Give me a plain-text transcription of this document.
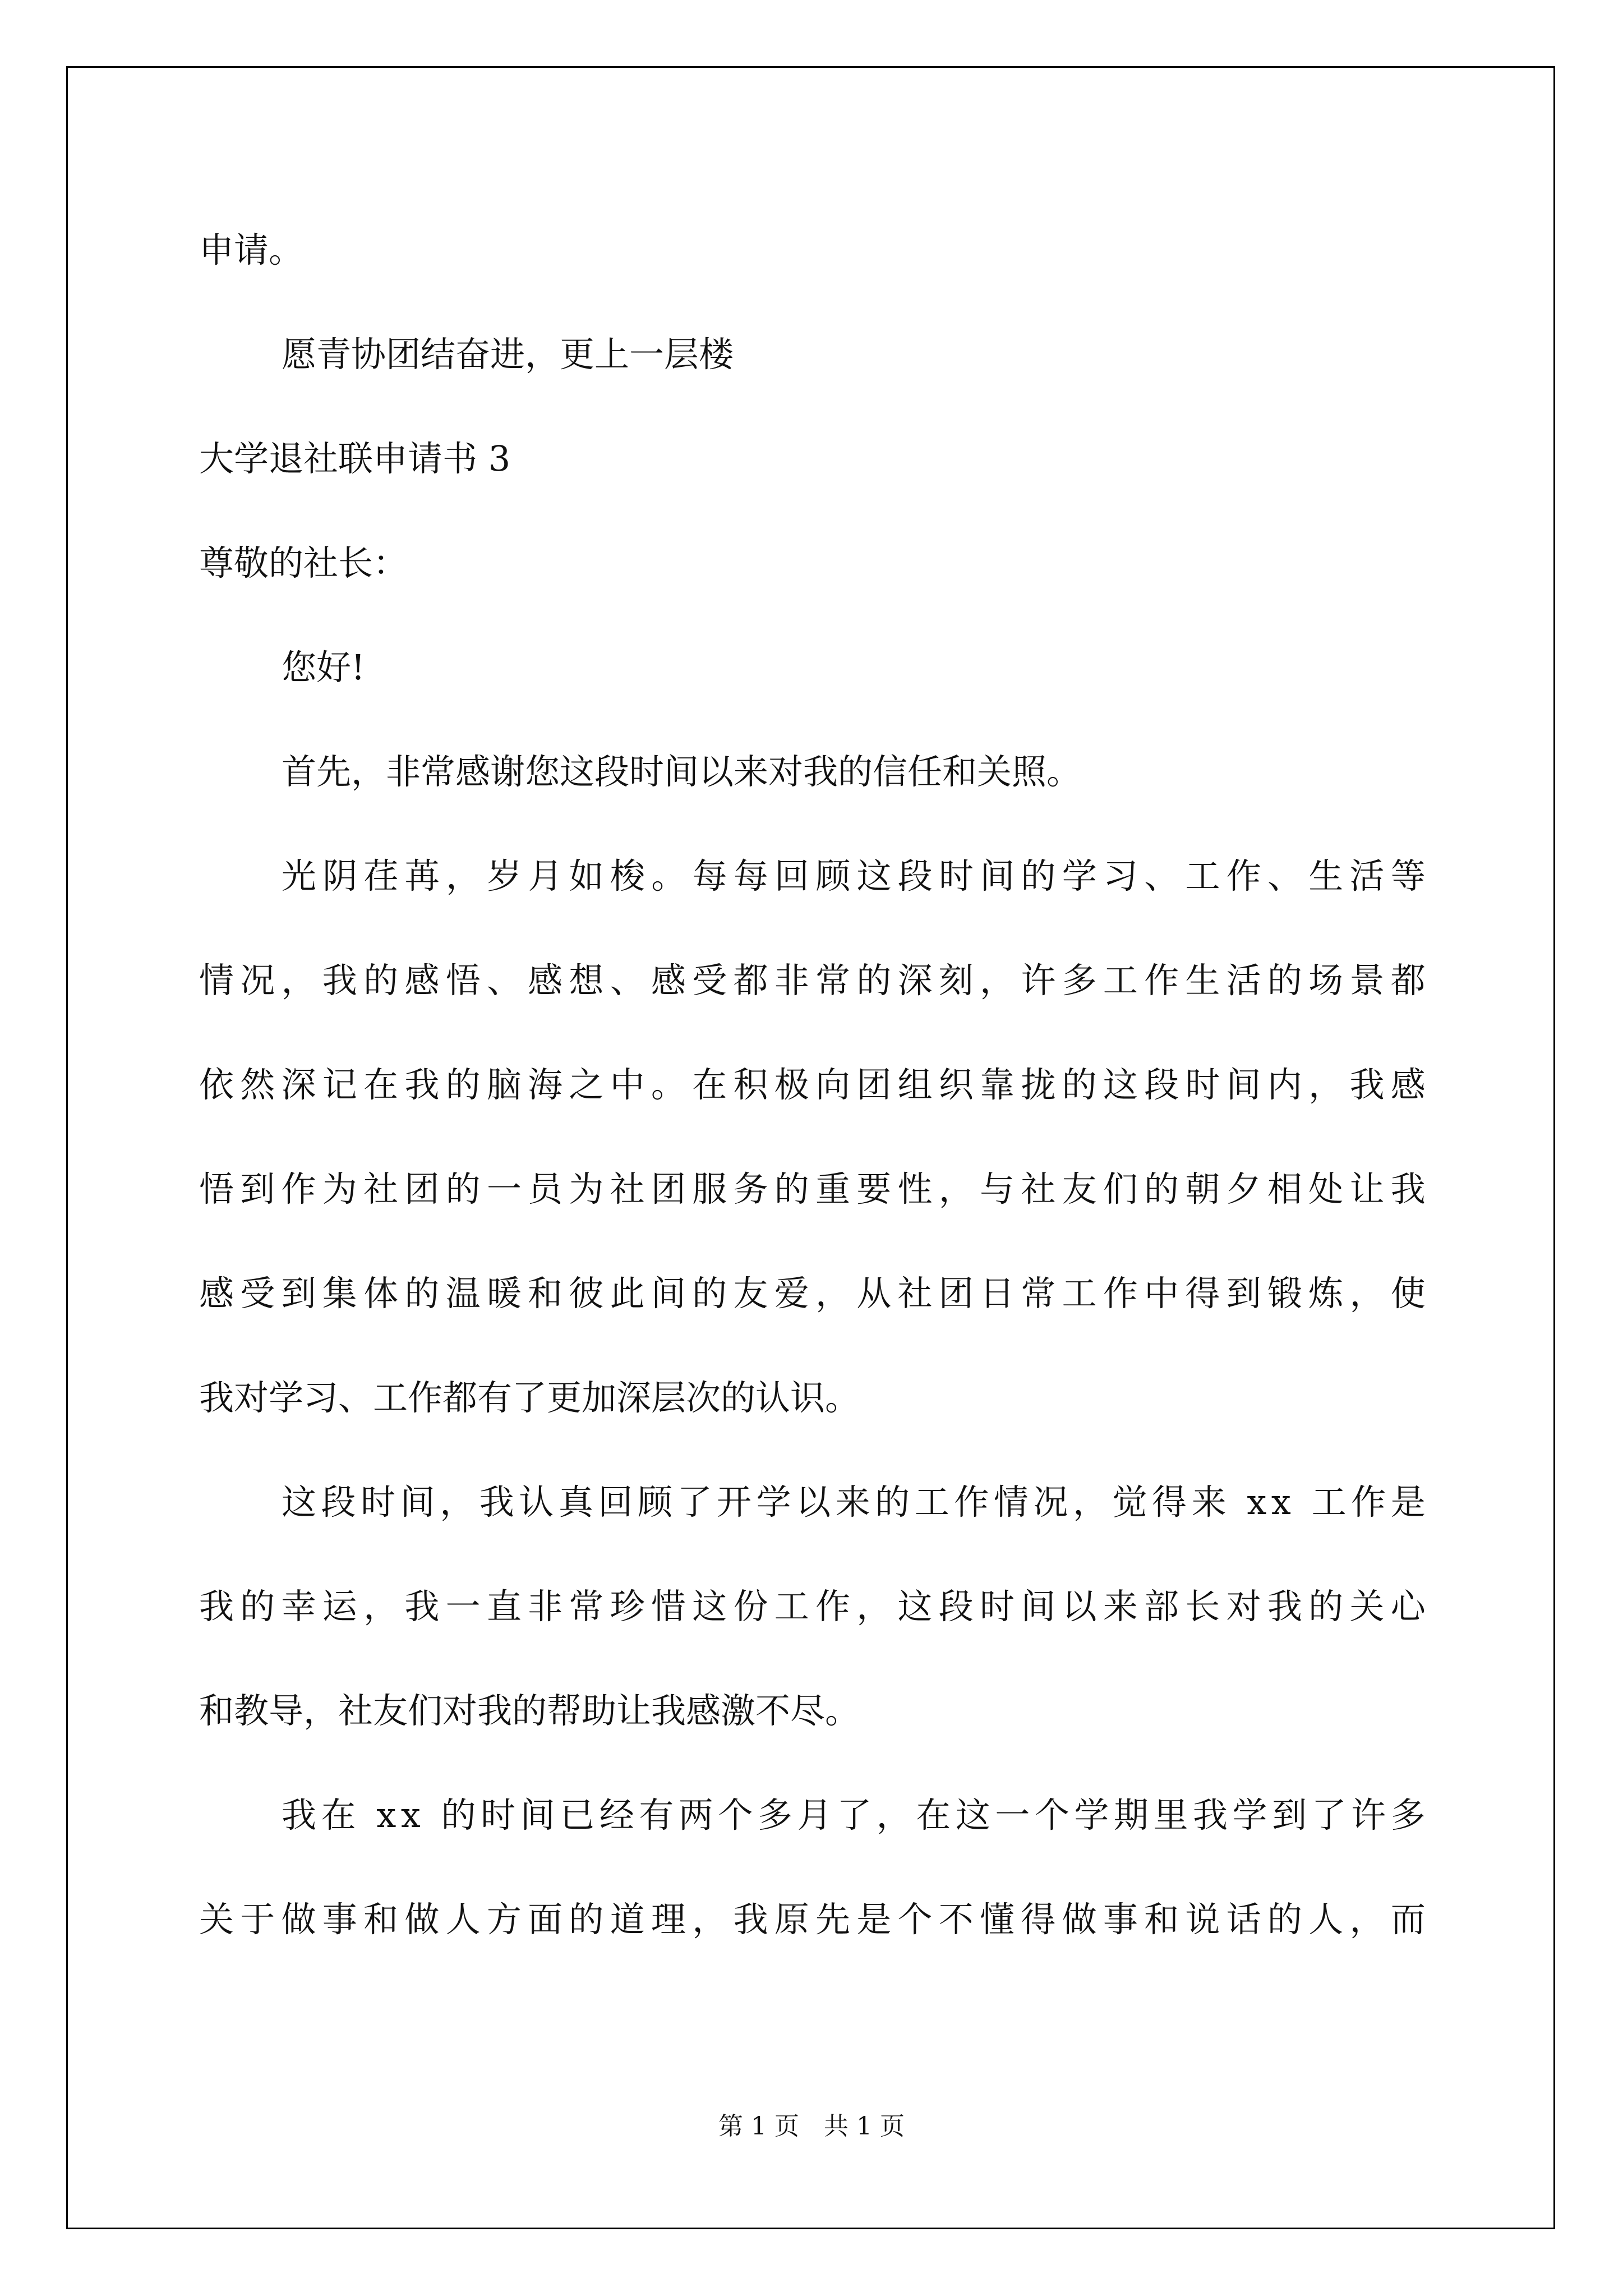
申请。
愿青协团结奋进，更上一层楼
大学退社联申请书 3
尊敬的社长：
您好!
首先，非常感谢您这段时间以来对我的信任和关照。
光 阴 荏 苒 ， 岁 月 如 梭 。 每 每 回 顾 这 段 时 间 的 学 习 、 工 作 、 生 活 等
情 况 ， 我 的 感 悟 、 感 想 、 感 受 都 非 常 的 深 刻 ， 许 多 工 作 生 活 的 场 景 都
依 然 深 记 在 我 的 脑 海 之 中 。 在 积 极 向 团 组 织 靠 拢 的 这 段 时 间 内 ， 我 感
悟 到 作 为 社 团 的 一 员 为 社 团 服 务 的 重 要 性 ， 与 社 友 们 的 朝 夕 相 处 让 我
感 受 到 集 体 的 温 暖 和 彼 此 间 的 友 爱 ， 从 社 团 日 常 工 作 中 得 到 锻 炼 ， 使
我对学习、工作都有了更加深层次的认识。
这 段 时 间 ， 我 认 真 回 顾 了 开 学 以 来 的 工 作 情 况 ， 觉 得 来
x x
工 作 是
我 的 幸 运 ， 我 一 直 非 常 珍 惜 这 份 工 作 ， 这 段 时 间 以 来 部 长 对 我 的 关 心
和教导，社友们对我的帮助让我感激不尽。
我 在
x x
的 时 间 已 经 有 两 个 多 月 了 ， 在 这 一 个 学 期 里 我 学 到 了 许 多
关 于 做 事 和 做 人 方 面 的 道 理 ， 我 原 先 是 个 不 懂 得 做 事 和 说 话 的 人 ， 而
第 1 页　共 1 页
